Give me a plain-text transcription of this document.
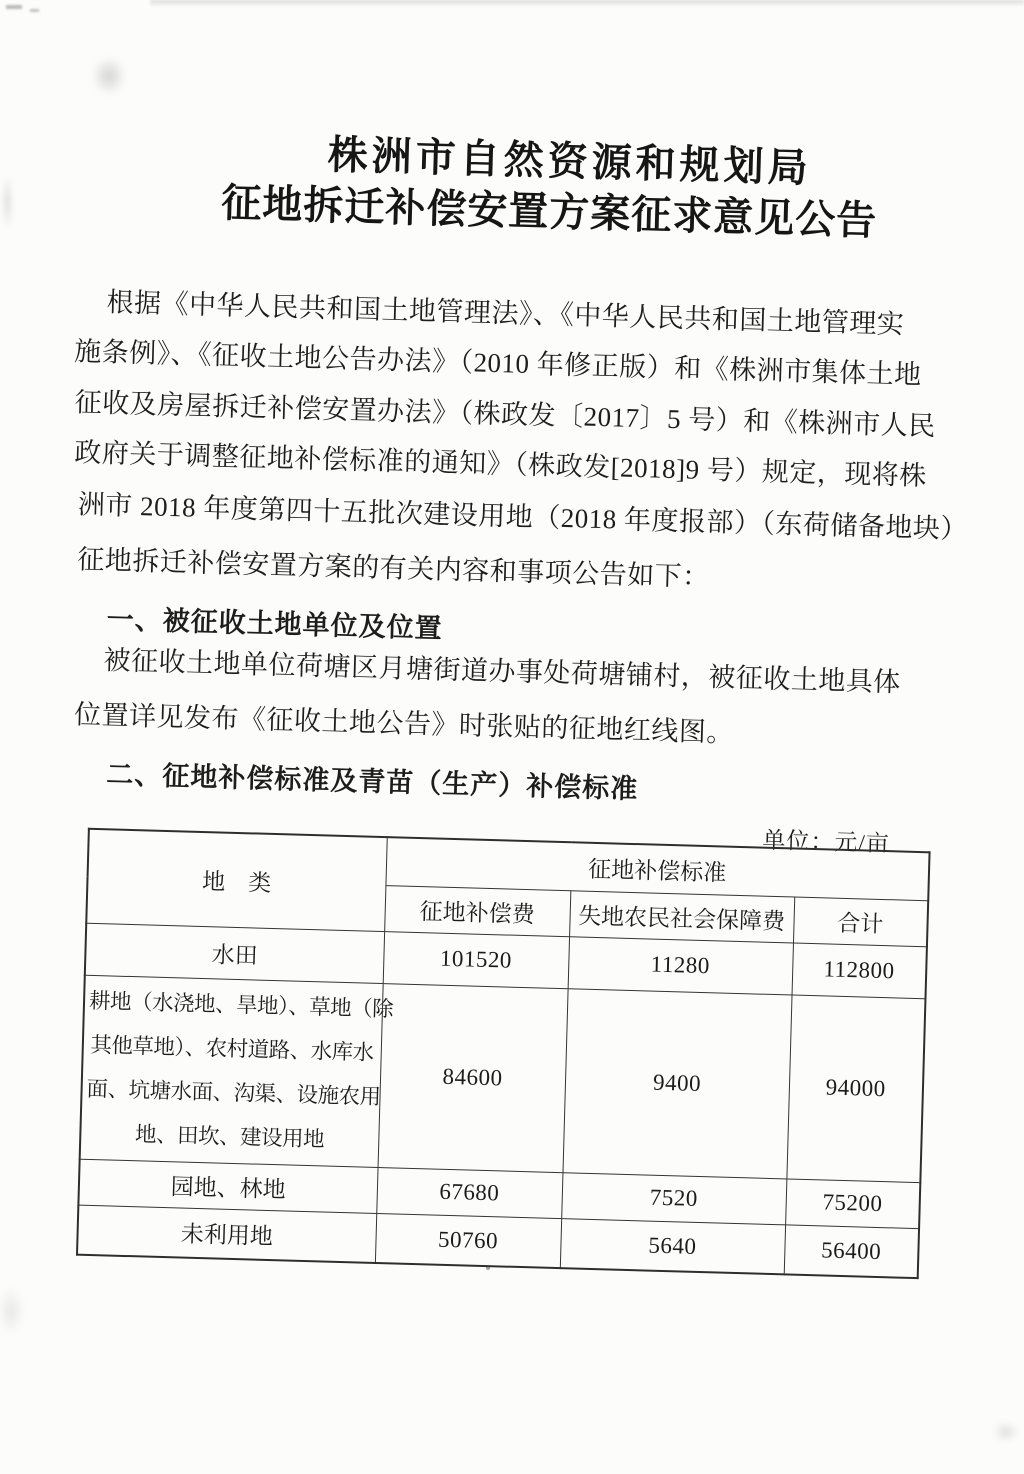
株洲市自然资源和规划局
征地拆迁补偿安置方案征求意见公告
根据《中华人民共和国土地管理法》、《中华人民共和国土地管理实
施条例》、《征收土地公告办法》（2010 年修正版）和《株洲市集体土地
征收及房屋拆迁补偿安置办法》（株政发〔2017〕5 号）和《株洲市人民
政府关于调整征地补偿标准的通知》（株政发[2018]9 号）规定，现将株
洲市 2018 年度第四十五批次建设用地（2018 年度报部）（东荷储备地块）
征地拆迁补偿安置方案的有关内容和事项公告如下：
一、被征收土地单位及位置
被征收土地单位荷塘区月塘街道办事处荷塘铺村，被征收土地具体
位置详见发布《征收土地公告》时张贴的征地红线图。
二、征地补偿标准及青苗（生产）补偿标准
单位：元/亩
地　类	征地补偿标准		
	征地补偿费	失地农民社会保障费	合计
水田	101520	11280	112800

耕地（水浇地、旱地）、草地（除
其他草地）、农村道路、水库水
面、坑塘水面、沟渠、设施农用
地、田坎、建设用地	84600	9400	94000
园地、林地	67680	7520	75200
未利用地	50760	5640	56400
